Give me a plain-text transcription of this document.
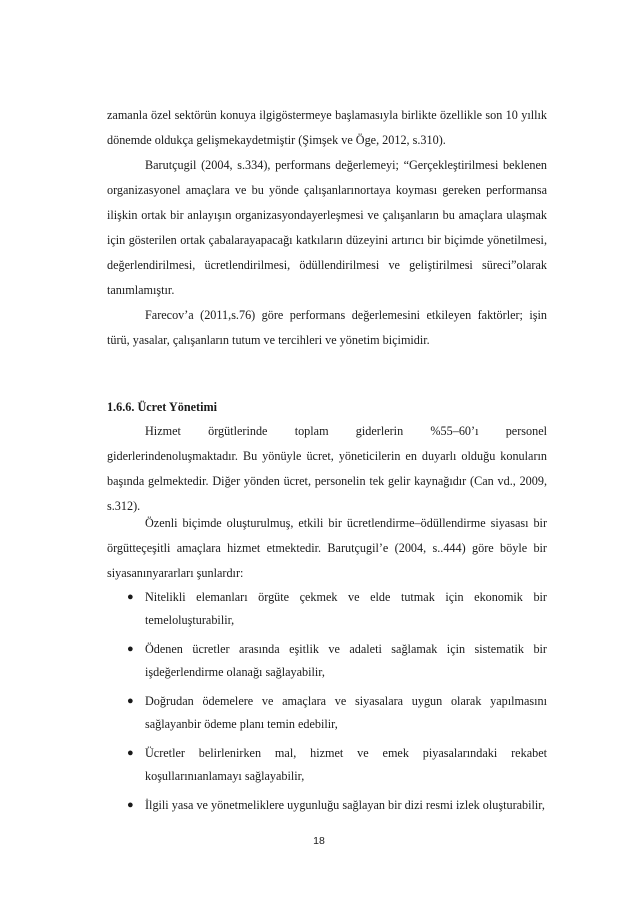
zamanla özel sektörün konuya ilgigöstermeye başlamasıyla birlikte özellikle son 10 yıllık dönemde oldukça gelişmekaydetmiştir (Şimşek ve Öge, 2012, s.310).

Barutçugil (2004, s.334), performans değerlemeyi; “Gerçekleştirilmesi beklenen organizasyonel amaçlara ve bu yönde çalışanlarınortaya koyması gereken performansa ilişkin ortak bir anlayışın organizasyondayerleşmesi ve çalışanların bu amaçlara ulaşmak için gösterilen ortak çabalarayapacağı katkıların düzeyini artırıcı bir biçimde yönetilmesi, değerlendirilmesi, ücretlendirilmesi, ödüllendirilmesi ve geliştirilmesi süreci”olarak tanımlamıştır.

Farecov’a (2011,s.76) göre performans değerlemesini etkileyen faktörler; işin türü, yasalar, çalışanların tutum ve tercihleri ve yönetim biçimidir.

1.6.6. Ücret Yönetimi

Hizmet örgütlerinde toplam giderlerin %55–60’ı personel giderlerindenoluşmaktadır. Bu yönüyle ücret, yöneticilerin en duyarlı olduğu konuların başında gelmektedir. Diğer yönden ücret, personelin tek gelir kaynağıdır (Can vd., 2009, s.312).

Özenli biçimde oluşturulmuş, etkili bir ücretlendirme–ödüllendirme siyasası bir örgütteçeşitli amaçlara hizmet etmektedir. Barutçugil’e (2004, s..444) göre böyle bir siyasanınyararları şunlardır:

● Nitelikli elemanları örgüte çekmek ve elde tutmak için ekonomik bir temeloluşturabilir,
● Ödenen ücretler arasında eşitlik ve adaleti sağlamak için sistematik bir işdeğerlendirme olanağı sağlayabilir,
● Doğrudan ödemelere ve amaçlara ve siyasalara uygun olarak yapılmasını sağlayanbir ödeme planı temin edebilir,
● Ücretler belirlenirken mal, hizmet ve emek piyasalarındaki rekabet koşullarınıanlamayı sağlayabilir,
● İlgili yasa ve yönetmeliklere uygunluğu sağlayan bir dizi resmi izlek oluşturabilir,
18
